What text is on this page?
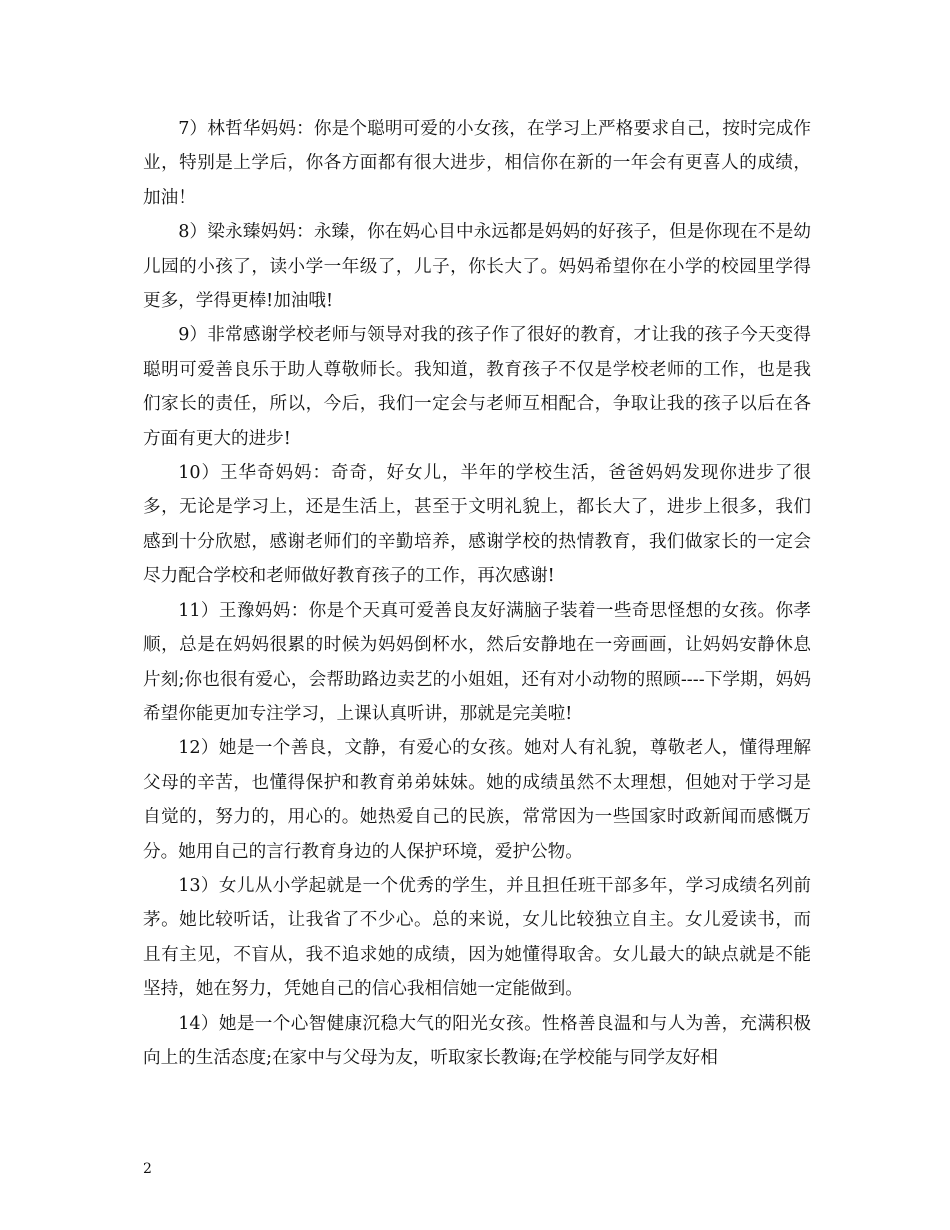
7）林哲华妈妈：你是个聪明可爱的小女孩，在学习上严格要求自己，按时完成作业，特别是上学后，你各方面都有很大进步，相信你在新的一年会有更喜人的成绩，加油！

8）梁永臻妈妈：永臻，你在妈心目中永远都是妈妈的好孩子，但是你现在不是幼儿园的小孩了，读小学一年级了，儿子，你长大了。妈妈希望你在小学的校园里学得更多，学得更棒!加油哦!

9）非常感谢学校老师与领导对我的孩子作了很好的教育，才让我的孩子今天变得聪明可爱善良乐于助人尊敬师长。我知道，教育孩子不仅是学校老师的工作，也是我们家长的责任，所以，今后，我们一定会与老师互相配合，争取让我的孩子以后在各方面有更大的进步!

10）王华奇妈妈：奇奇，好女儿，半年的学校生活，爸爸妈妈发现你进步了很多，无论是学习上，还是生活上，甚至于文明礼貌上，都长大了，进步上很多，我们感到十分欣慰，感谢老师们的辛勤培养，感谢学校的热情教育，我们做家长的一定会尽力配合学校和老师做好教育孩子的工作，再次感谢!

11）王豫妈妈：你是个天真可爱善良友好满脑子装着一些奇思怪想的女孩。你孝顺，总是在妈妈很累的时候为妈妈倒杯水，然后安静地在一旁画画，让妈妈安静休息片刻;你也很有爱心，会帮助路边卖艺的小姐姐，还有对小动物的照顾----下学期，妈妈希望你能更加专注学习，上课认真听讲，那就是完美啦!

12）她是一个善良，文静，有爱心的女孩。她对人有礼貌，尊敬老人，懂得理解父母的辛苦，也懂得保护和教育弟弟妹妹。她的成绩虽然不太理想，但她对于学习是自觉的，努力的，用心的。她热爱自己的民族，常常因为一些国家时政新闻而感慨万分。她用自己的言行教育身边的人保护环境，爱护公物。

13）女儿从小学起就是一个优秀的学生，并且担任班干部多年，学习成绩名列前茅。她比较听话，让我省了不少心。总的来说，女儿比较独立自主。女儿爱读书，而且有主见，不盲从，我不追求她的成绩，因为她懂得取舍。女儿最大的缺点就是不能坚持，她在努力，凭她自己的信心我相信她一定能做到。

14）她是一个心智健康沉稳大气的阳光女孩。性格善良温和与人为善，充满积极向上的生活态度;在家中与父母为友，听取家长教诲;在学校能与同学友好相

2
